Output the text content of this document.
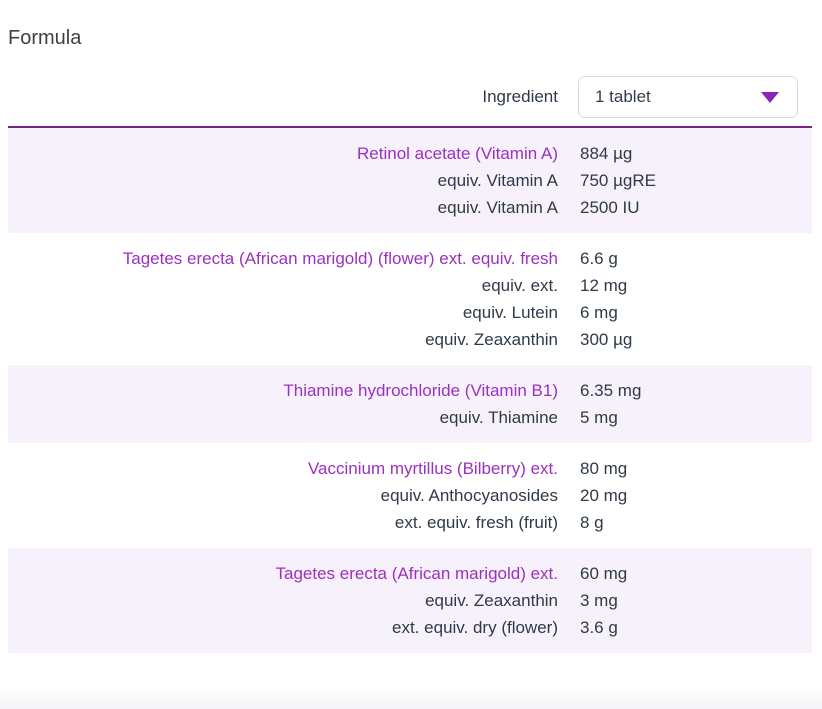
Formula
Ingredient	1 tablet
Retinol acetate (Vitamin A)	884 µg
equiv. Vitamin A	750 µgRE
equiv. Vitamin A	2500 IU
Tagetes erecta (African marigold) (flower) ext. equiv. fresh	6.6 g
equiv. ext.	12 mg
equiv. Lutein	6 mg
equiv. Zeaxanthin	300 µg
Thiamine hydrochloride (Vitamin B1)	6.35 mg
equiv. Thiamine	5 mg
Vaccinium myrtillus (Bilberry) ext.	80 mg
equiv. Anthocyanosides	20 mg
ext. equiv. fresh (fruit)	8 g
Tagetes erecta (African marigold) ext.	60 mg
equiv. Zeaxanthin	3 mg
ext. equiv. dry (flower)	3.6 g
